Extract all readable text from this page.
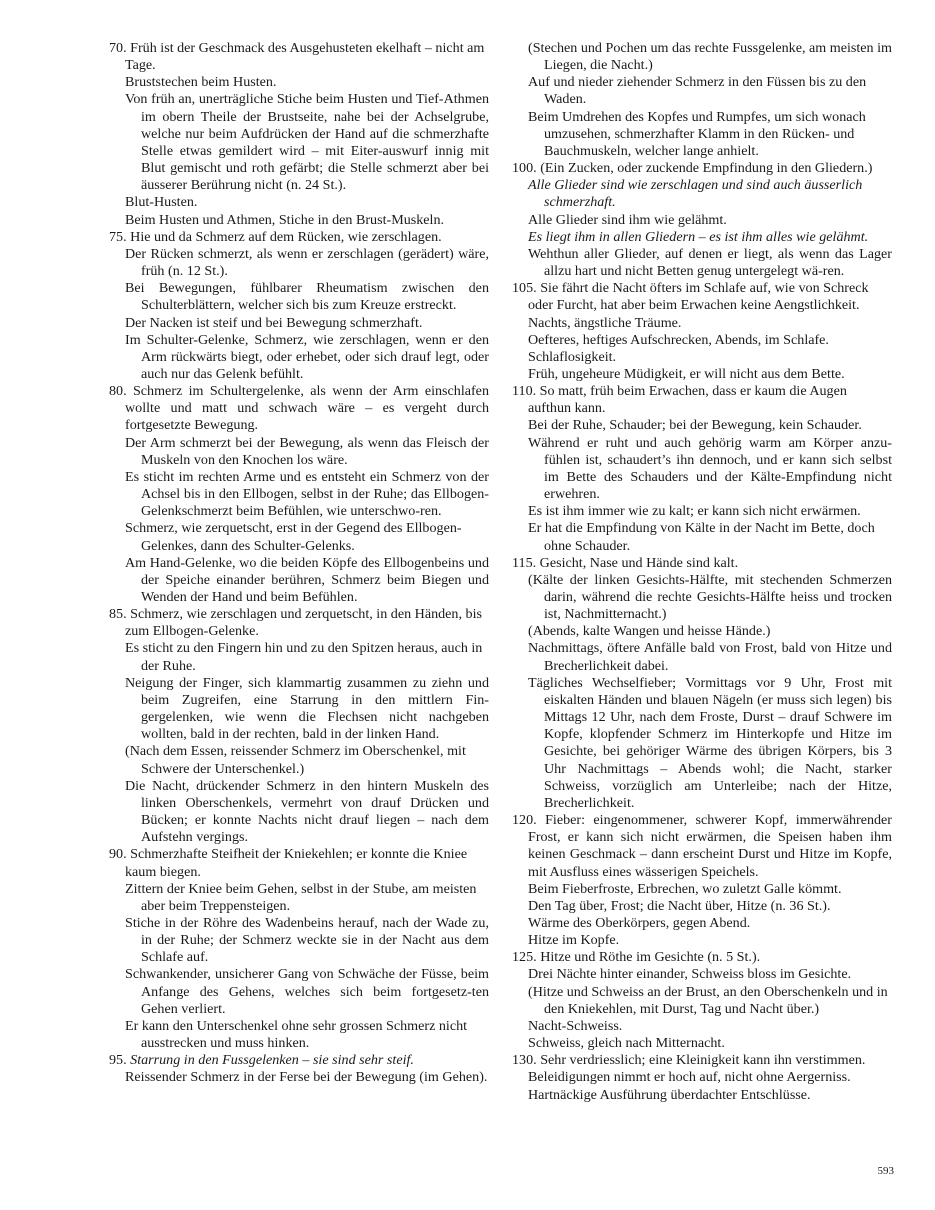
70. Früh ist der Geschmack des Ausgehusteten ekelhaft – nicht am Tage.

Bruststechen beim Husten.

Von früh an, unerträgliche Stiche beim Husten und Tief-Athmen im obern Theile der Brustseite, nahe bei der Achselgrube, welche nur beim Aufdrücken der Hand auf die schmerzhafte Stelle etwas gemildert wird – mit Eiter-auswurf innig mit Blut gemischt und roth gefärbt; die Stelle schmerzt aber bei äusserer Berührung nicht (n. 24 St.).

Blut-Husten.

Beim Husten und Athmen, Stiche in den Brust-Muskeln.

75. Hie und da Schmerz auf dem Rücken, wie zerschlagen.

Der Rücken schmerzt, als wenn er zerschlagen (gerädert) wäre, früh (n. 12 St.).

Bei Bewegungen, fühlbarer Rheumatism zwischen den Schulterblättern, welcher sich bis zum Kreuze erstreckt.

Der Nacken ist steif und bei Bewegung schmerzhaft.

Im Schulter-Gelenke, Schmerz, wie zerschlagen, wenn er den Arm rückwärts biegt, oder erhebet, oder sich drauf legt, oder auch nur das Gelenk befühlt.

80. Schmerz im Schultergelenke, als wenn der Arm einschlafen wollte und matt und schwach wäre – es vergeht durch fortgesetzte Bewegung.

Der Arm schmerzt bei der Bewegung, als wenn das Fleisch der Muskeln von den Knochen los wäre.

Es sticht im rechten Arme und es entsteht ein Schmerz von der Achsel bis in den Ellbogen, selbst in der Ruhe; das Ellbogen-Gelenkschmerzt beim Befühlen, wie unterschwo-ren.

Schmerz, wie zerquetscht, erst in der Gegend des Ellbogen-Gelenkes, dann des Schulter-Gelenks.

Am Hand-Gelenke, wo die beiden Köpfe des Ellbogenbeins und der Speiche einander berühren, Schmerz beim Biegen und Wenden der Hand und beim Befühlen.

85. Schmerz, wie zerschlagen und zerquetscht, in den Händen, bis zum Ellbogen-Gelenke.

Es sticht zu den Fingern hin und zu den Spitzen heraus, auch in der Ruhe.

Neigung der Finger, sich klammartig zusammen zu ziehn und beim Zugreifen, eine Starrung in den mittlern Fin-gergelenken, wie wenn die Flechsen nicht nachgeben wollten, bald in der rechten, bald in der linken Hand.

(Nach dem Essen, reissender Schmerz im Oberschenkel, mit Schwere der Unterschenkel.)

Die Nacht, drückender Schmerz in den hintern Muskeln des linken Oberschenkels, vermehrt von drauf Drücken und Bücken; er konnte Nachts nicht drauf liegen – nach dem Aufstehn vergings.

90. Schmerzhafte Steifheit der Kniekehlen; er konnte die Kniee kaum biegen.

Zittern der Kniee beim Gehen, selbst in der Stube, am meisten aber beim Treppensteigen.

Stiche in der Röhre des Wadenbeins herauf, nach der Wade zu, in der Ruhe; der Schmerz weckte sie in der Nacht aus dem Schlafe auf.

Schwankender, unsicherer Gang von Schwäche der Füsse, beim Anfange des Gehens, welches sich beim fortgesetz-ten Gehen verliert.

Er kann den Unterschenkel ohne sehr grossen Schmerz nicht ausstrecken und muss hinken.

95. Starrung in den Fussgelenken – sie sind sehr steif.

Reissender Schmerz in der Ferse bei der Bewegung (im Gehen).

(Stechen und Pochen um das rechte Fussgelenke, am meisten im Liegen, die Nacht.)

Auf und nieder ziehender Schmerz in den Füssen bis zu den Waden.

Beim Umdrehen des Kopfes und Rumpfes, um sich wonach umzusehen, schmerzhafter Klamm in den Rücken- und Bauchmuskeln, welcher lange anhielt.

100. (Ein Zucken, oder zuckende Empfindung in den Gliedern.)

Alle Glieder sind wie zerschlagen und sind auch äusserlich schmerzhaft.

Alle Glieder sind ihm wie gelähmt.

Es liegt ihm in allen Gliedern – es ist ihm alles wie gelähmt.

Wehthun aller Glieder, auf denen er liegt, als wenn das Lager allzu hart und nicht Betten genug untergelegt wä-ren.

105. Sie fährt die Nacht öfters im Schlafe auf, wie von Schreck oder Furcht, hat aber beim Erwachen keine Aengstlichkeit.

Nachts, ängstliche Träume.

Oefteres, heftiges Aufschrecken, Abends, im Schlafe.

Schlaflosigkeit.

Früh, ungeheure Müdigkeit, er will nicht aus dem Bette.

110. So matt, früh beim Erwachen, dass er kaum die Augen aufthun kann.

Bei der Ruhe, Schauder; bei der Bewegung, kein Schauder.

Während er ruht und auch gehörig warm am Körper anzu-fühlen ist, schaudert’s ihn dennoch, und er kann sich selbst im Bette des Schauders und der Kälte-Empfindung nicht erwehren.

Es ist ihm immer wie zu kalt; er kann sich nicht erwärmen.

Er hat die Empfindung von Kälte in der Nacht im Bette, doch ohne Schauder.

115. Gesicht, Nase und Hände sind kalt.

(Kälte der linken Gesichts-Hälfte, mit stechenden Schmerzen darin, während die rechte Gesichts-Hälfte heiss und trocken ist, Nachmitternacht.)

(Abends, kalte Wangen und heisse Hände.)

Nachmittags, öftere Anfälle bald von Frost, bald von Hitze und Brecherlichkeit dabei.

Tägliches Wechselfieber; Vormittags vor 9 Uhr, Frost mit eiskalten Händen und blauen Nägeln (er muss sich legen) bis Mittags 12 Uhr, nach dem Froste, Durst – drauf Schwere im Kopfe, klopfender Schmerz im Hinterkopfe und Hitze im Gesichte, bei gehöriger Wärme des übrigen Körpers, bis 3 Uhr Nachmittags – Abends wohl; die Nacht, starker Schweiss, vorzüglich am Unterleibe; nach der Hitze, Brecherlichkeit.

120. Fieber: eingenommener, schwerer Kopf, immerwährender Frost, er kann sich nicht erwärmen, die Speisen haben ihm keinen Geschmack – dann erscheint Durst und Hitze im Kopfe, mit Ausfluss eines wässerigen Speichels.

Beim Fieberfroste, Erbrechen, wo zuletzt Galle kömmt.

Den Tag über, Frost; die Nacht über, Hitze (n. 36 St.).

Wärme des Oberkörpers, gegen Abend.

Hitze im Kopfe.

125. Hitze und Röthe im Gesichte (n. 5 St.).

Drei Nächte hinter einander, Schweiss bloss im Gesichte.

(Hitze und Schweiss an der Brust, an den Oberschenkeln und in den Kniekehlen, mit Durst, Tag und Nacht über.)

Nacht-Schweiss.

Schweiss, gleich nach Mitternacht.

130. Sehr verdriesslich; eine Kleinigkeit kann ihn verstimmen.

Beleidigungen nimmt er hoch auf, nicht ohne Aergerniss.

Hartnäckige Ausführung überdachter Entschlüsse.

593
